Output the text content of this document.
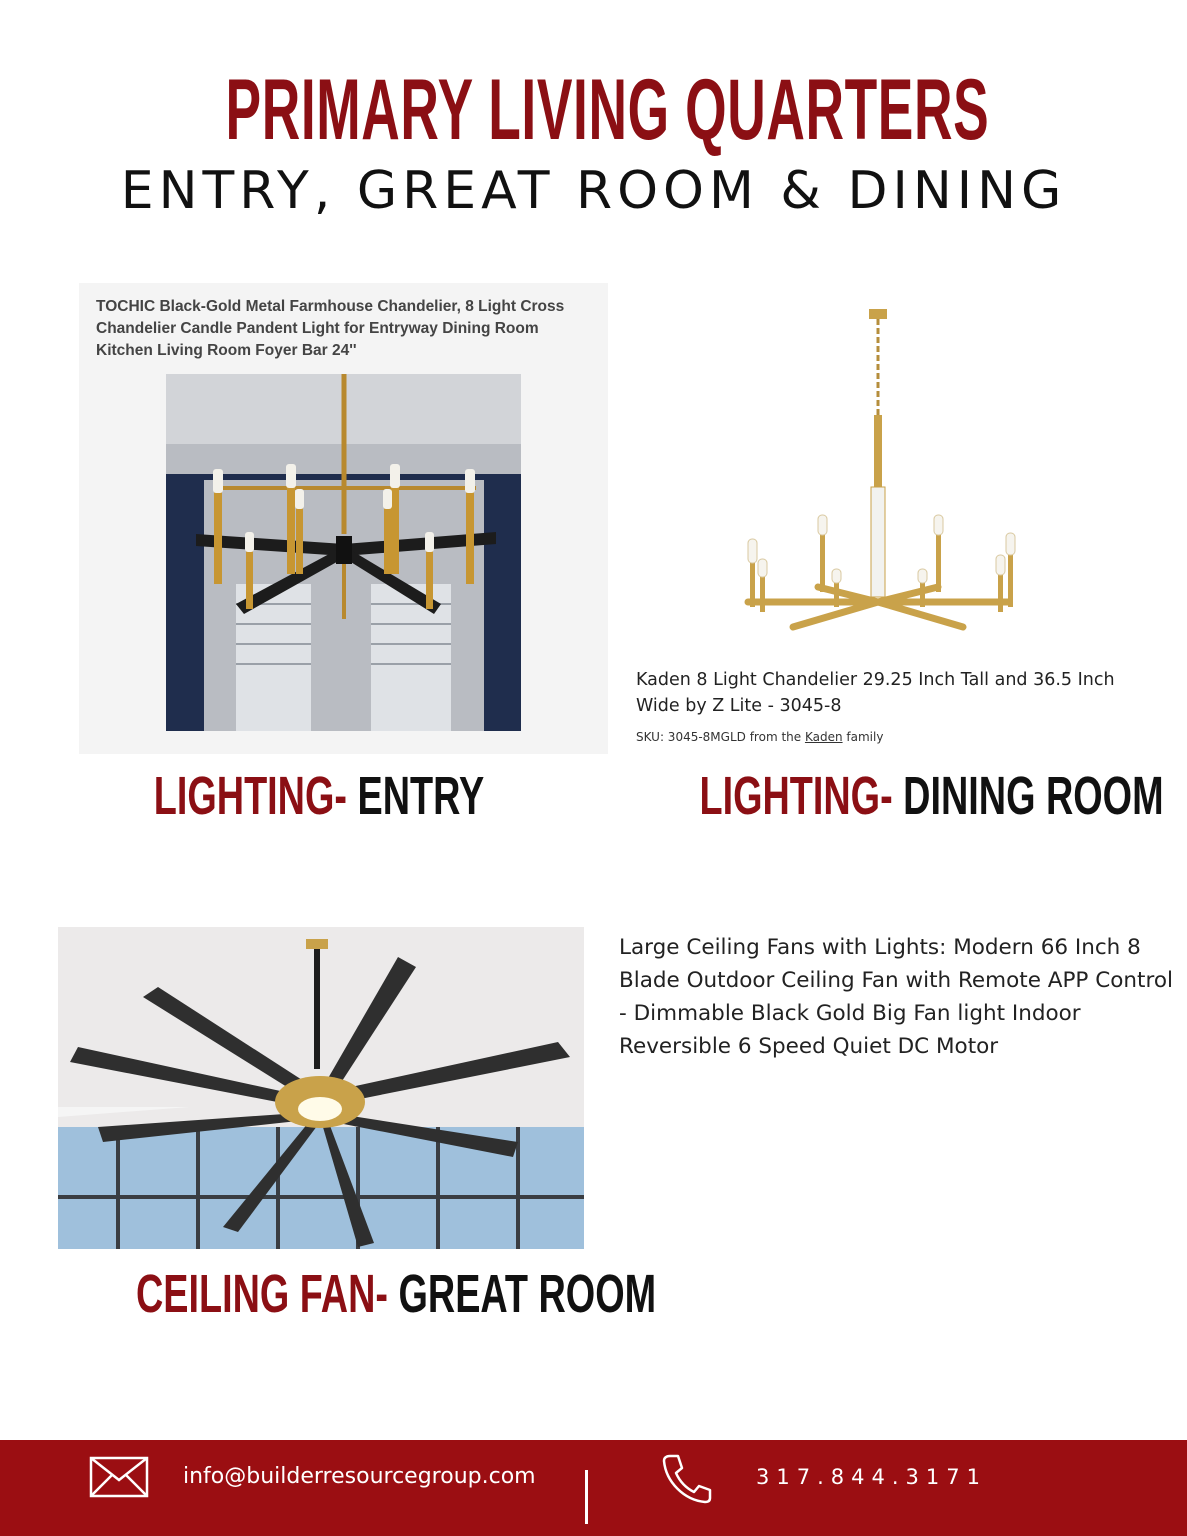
PRIMARY LIVING QUARTERS
ENTRY, GREAT ROOM & DINING
TOCHIC Black-Gold Metal Farmhouse Chandelier, 8 Light Cross Chandelier Candle Pandent Light for Entryway Dining Room Kitchen Living Room Foyer Bar 24''
LIGHTING- ENTRY
Kaden 8 Light Chandelier 29.25 Inch Tall and 36.5 Inch Wide by Z Lite - 3045-8
SKU: 3045-8MGLD from the Kaden family
LIGHTING- DINING ROOM
Large Ceiling Fans with Lights: Modern 66 Inch 8 Blade Outdoor Ceiling Fan with Remote APP Control - Dimmable Black Gold Big Fan light Indoor Reversible 6 Speed Quiet DC Motor
CEILING FAN- GREAT ROOM
info@builderresourcegroup.com	317.844.3171
